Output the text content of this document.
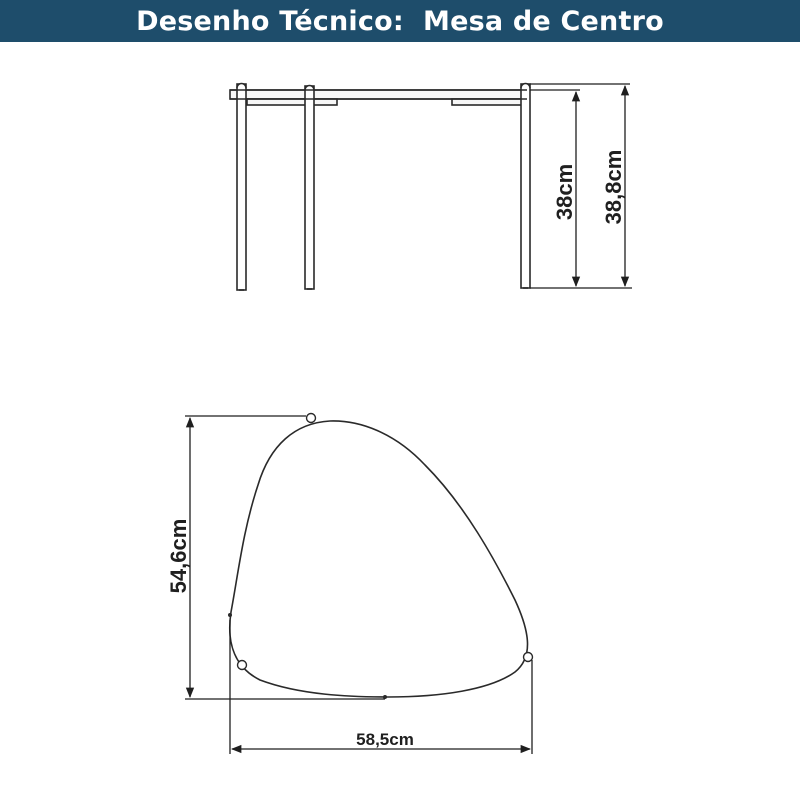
Desenho Técnico:  Mesa de Centro
38cm 38,8cm
54,6cm
58,5cm
